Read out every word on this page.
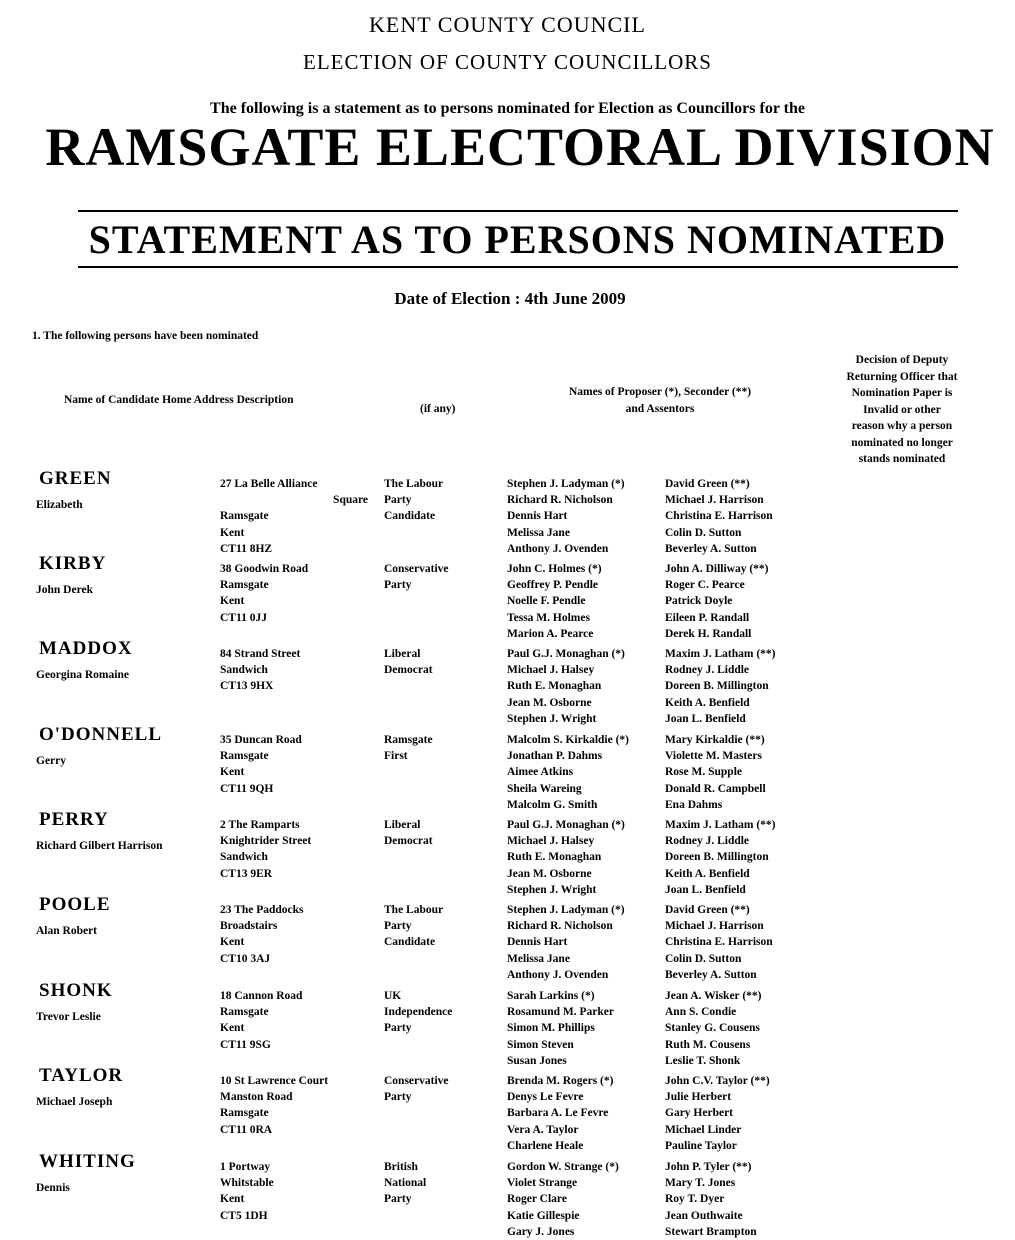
KENT COUNTY COUNCIL
ELECTION OF COUNTY COUNCILLORS
The following is a statement as to persons nominated for Election as Councillors for the
RAMSGATE ELECTORAL DIVISION
STATEMENT AS TO PERSONS NOMINATED
Date of Election : 4th June 2009
1. The following persons have been nominated
Name of Candidate Home Address Description
(if any)
Names of Proposer (*), Seconder (**)
and Assentors
Decision of Deputy
Returning Officer that
Nomination Paper is
Invalid or other
reason why a person
nominated no longer
stands nominated
GREEN
Elizabeth
27 La Belle Alliance
Square
Ramsgate
Kent
CT11 8HZ
The Labour
Party
Candidate
Stephen J. Ladyman (*)
Richard R. Nicholson
Dennis Hart
Melissa Jane
Anthony J. Ovenden
David Green (**)
Michael J. Harrison
Christina E. Harrison
Colin D. Sutton
Beverley A. Sutton
KIRBY
John Derek
38 Goodwin Road
Ramsgate
Kent
CT11 0JJ
Conservative
Party
John C. Holmes (*)
Geoffrey P. Pendle
Noelle F. Pendle
Tessa M. Holmes
Marion A. Pearce
John A. Dilliway (**)
Roger C. Pearce
Patrick Doyle
Eileen P. Randall
Derek H. Randall
MADDOX
Georgina Romaine
84 Strand Street
Sandwich
CT13 9HX
Liberal
Democrat
Paul G.J. Monaghan (*)
Michael J. Halsey
Ruth E. Monaghan
Jean M. Osborne
Stephen J. Wright
Maxim J. Latham (**)
Rodney J. Liddle
Doreen B. Millington
Keith A. Benfield
Joan L. Benfield
O'DONNELL
Gerry
35 Duncan Road
Ramsgate
Kent
CT11 9QH
Ramsgate
First
Malcolm S. Kirkaldie (*)
Jonathan P. Dahms
Aimee Atkins
Sheila Wareing
Malcolm G. Smith
Mary Kirkaldie (**)
Violette M. Masters
Rose M. Supple
Donald R. Campbell
Ena Dahms
PERRY
Richard Gilbert Harrison
2 The Ramparts
Knightrider Street
Sandwich
CT13 9ER
Liberal
Democrat
Paul G.J. Monaghan (*)
Michael J. Halsey
Ruth E. Monaghan
Jean M. Osborne
Stephen J. Wright
Maxim J. Latham (**)
Rodney J. Liddle
Doreen B. Millington
Keith A. Benfield
Joan L. Benfield
POOLE
Alan Robert
23 The Paddocks
Broadstairs
Kent
CT10 3AJ
The Labour
Party
Candidate
Stephen J. Ladyman (*)
Richard R. Nicholson
Dennis Hart
Melissa Jane
Anthony J. Ovenden
David Green (**)
Michael J. Harrison
Christina E. Harrison
Colin D. Sutton
Beverley A. Sutton
SHONK
Trevor Leslie
18 Cannon Road
Ramsgate
Kent
CT11 9SG
UK
Independence
Party
Sarah Larkins (*)
Rosamund M. Parker
Simon M. Phillips
Simon Steven
Susan Jones
Jean A. Wisker (**)
Ann S. Condie
Stanley G. Cousens
Ruth M. Cousens
Leslie T. Shonk
TAYLOR
Michael Joseph
10 St Lawrence Court
Manston Road
Ramsgate
CT11 0RA
Conservative
Party
Brenda M. Rogers (*)
Denys Le Fevre
Barbara A. Le Fevre
Vera A. Taylor
Charlene Heale
John C.V. Taylor (**)
Julie Herbert
Gary Herbert
Michael Linder
Pauline Taylor
WHITING
Dennis
1 Portway
Whitstable
Kent
CT5 1DH
British
National
Party
Gordon W. Strange (*)
Violet Strange
Roger Clare
Katie Gillespie
Gary J. Jones
John P. Tyler (**)
Mary T. Jones
Roy T. Dyer
Jean Outhwaite
Stewart Brampton
